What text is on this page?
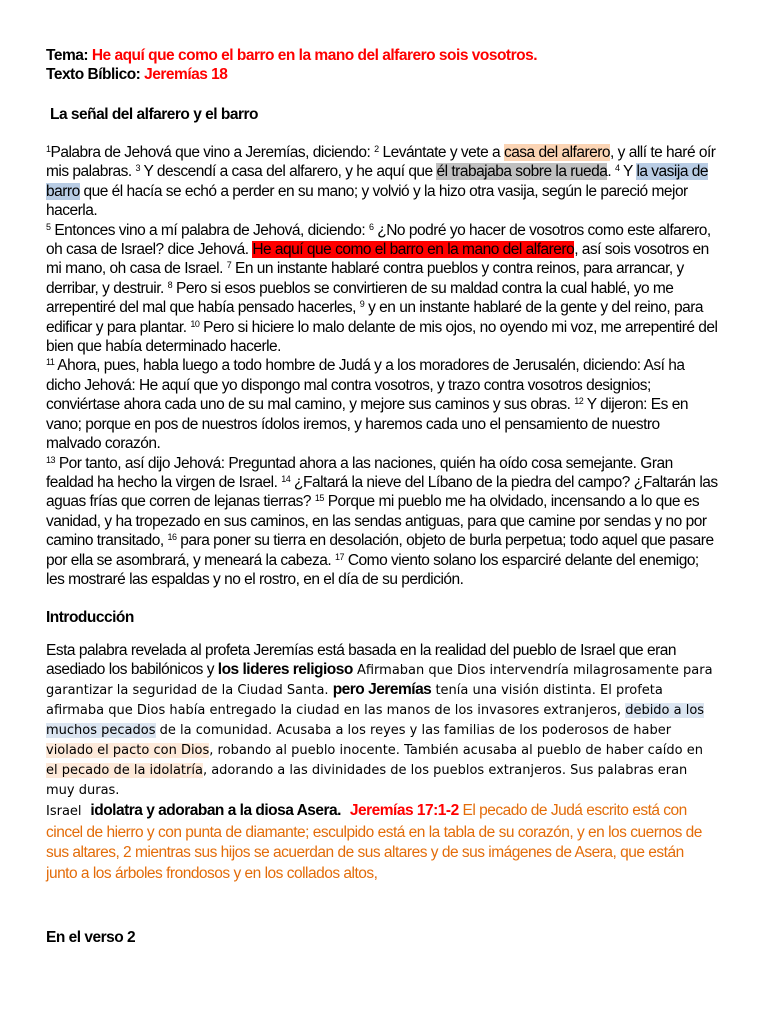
Tema: He aquí que como el barro en la mano del alfarero sois vosotros.
Texto Bíblico: Jeremías 18
La señal del alfarero y el barro

$^1$Palabra de Jehová que vino a Jeremías, diciendo: $^2$ Levántate y vete a casa del alfarero, y allí te haré oír mis palabras. $^3$ Y descendí a casa del alfarero, y he aquí que él trabajaba sobre la rueda. $^4$ Y la vasija de barro que él hacía se echó a perder en su mano; y volvió y la hizo otra vasija, según le pareció mejor hacerla.

$^5$ Entonces vino a mí palabra de Jehová, diciendo: $^6$ ¿No podré yo hacer de vosotros como este alfarero, oh casa de Israel? dice Jehová. He aquí que como el barro en la mano del alfarero, así sois vosotros en mi mano, oh casa de Israel. $^7$ En un instante hablaré contra pueblos y contra reinos, para arrancar, y derribar, y destruir. $^8$ Pero si esos pueblos se convirtieren de su maldad contra la cual hablé, yo me arrepentiré del mal que había pensado hacerles, $^9$ y en un instante hablaré de la gente y del reino, para edificar y para plantar. $^{10}$ Pero si hiciere lo malo delante de mis ojos, no oyendo mi voz, me arrepentiré del bien que había determinado hacerle.

$^{11}$ Ahora, pues, habla luego a todo hombre de Judá y a los moradores de Jerusalén, diciendo: Así ha dicho Jehová: He aquí que yo dispongo mal contra vosotros, y trazo contra vosotros designios; conviértase ahora cada uno de su mal camino, y mejore sus caminos y sus obras. $^{12}$ Y dijeron: Es en vano; porque en pos de nuestros ídolos iremos, y haremos cada uno el pensamiento de nuestro malvado corazón.

$^{13}$ Por tanto, así dijo Jehová: Preguntad ahora a las naciones, quién ha oído cosa semejante. Gran fealdad ha hecho la virgen de Israel. $^{14}$ ¿Faltará la nieve del Líbano de la piedra del campo? ¿Faltarán las aguas frías que corren de lejanas tierras? $^{15}$ Porque mi pueblo me ha olvidado, incensando a lo que es vanidad, y ha tropezado en sus caminos, en las sendas antiguas, para que camine por sendas y no por camino transitado, $^{16}$ para poner su tierra en desolación, objeto de burla perpetua; todo aquel que pasare por ella se asombrará, y meneará la cabeza. $^{17}$ Como viento solano los esparciré delante del enemigo; les mostraré las espaldas y no el rostro, en el día de su perdición.

Introducción
Esta palabra revelada al profeta Jeremías está basada en la realidad del pueblo de Israel que eran asediado los babilónicos y los lideres religioso Afirmaban que Dios intervendría milagrosamente para garantizar la seguridad de la Ciudad Santa. pero Jeremías tenía una visión distinta. El profeta afirmaba que Dios había entregado la ciudad en las manos de los invasores extranjeros, debido a los muchos pecados de la comunidad. Acusaba a los reyes y las familias de los poderosos de haber violado el pacto con Dios, robando al pueblo inocente. También acusaba al pueblo de haber caído en el pecado de la idolatría, adorando a las divinidades de los pueblos extranjeros. Sus palabras eran muy duras.
Israel idolatra y adoraban a la diosa Asera. Jeremías 17:1-2 El pecado de Judá escrito está con cincel de hierro y con punta de diamante; esculpido está en la tabla de su corazón, y en los cuernos de sus altares, 2 mientras sus hijos se acuerdan de sus altares y de sus imágenes de Asera, que están junto a los árboles frondosos y en los collados altos,
En el verso 2
